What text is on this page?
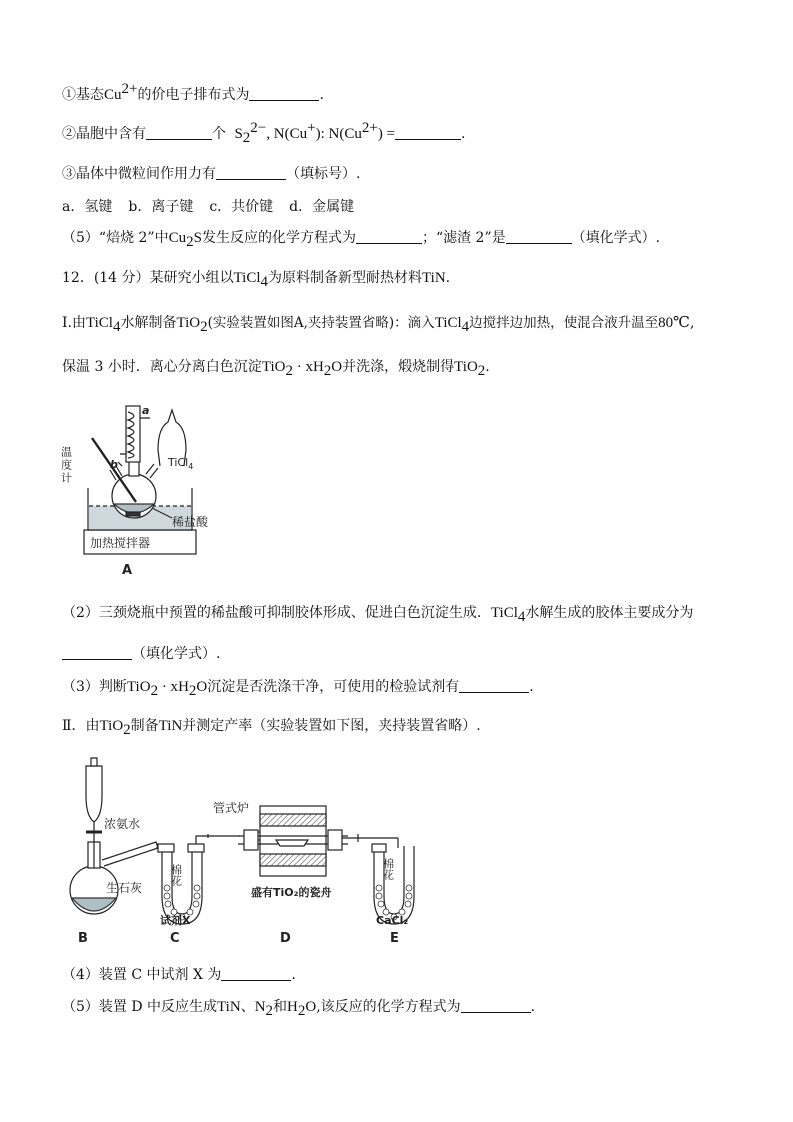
①基态$Cu^{2+}$的价电子排布式为	.
②晶胞中含有	个 $S_2^{2-}$, N(Cu+): $N(Cu^{2+})$ =	.
③晶体中微粒间作用力有	（填标号）.
a．氢键 b．离子键 c．共价键 d．金属键
（5）“焙烧 2”中$Cu_2S$发生反应的化学方程式为	；“滤渣 2”是	（填化学式）.
12．(14 分）某研究小组以TiCl$_4$为原料制备新型耐热材料TiN.
Ⅰ.由TiCl$_4$水解制备TiO$_2$(实验装置如图A,夹持装置省略)：滴入TiCl$_4$边搅拌边加热，使混合液升温至80℃,
保温 3 小时．离心分离白色沉淀$TiO_2 \cdot xH_2O$并洗涤，煅烧制得TiO$_2$.
a
b	TiCl$_4$
温度计
稀盐酸
加热搅拌器
A
（2）三颈烧瓶中预置的稀盐酸可抑制胶体形成、促进白色沉淀生成．TiCl$_4$水解生成的胶体主要成分为
（填化学式）.
（3）判断$TiO_2 \cdot xH_2O$沉淀是否洗涤干净，可使用的检验试剂有	.
Ⅱ．由TiO$_2$制备TiN并测定产率（实验装置如下图，夹持装置省略）.
浓氨水
生石灰
管式炉
棉花	棉花
试剂X
盛有TiO₂的瓷舟
CaCl₂
B	C	D	E
（4）装置 C 中试剂 X 为	.
（5）装置 D 中反应生成TiN、$N_2$和$H_2O$,该反应的化学方程式为	.
